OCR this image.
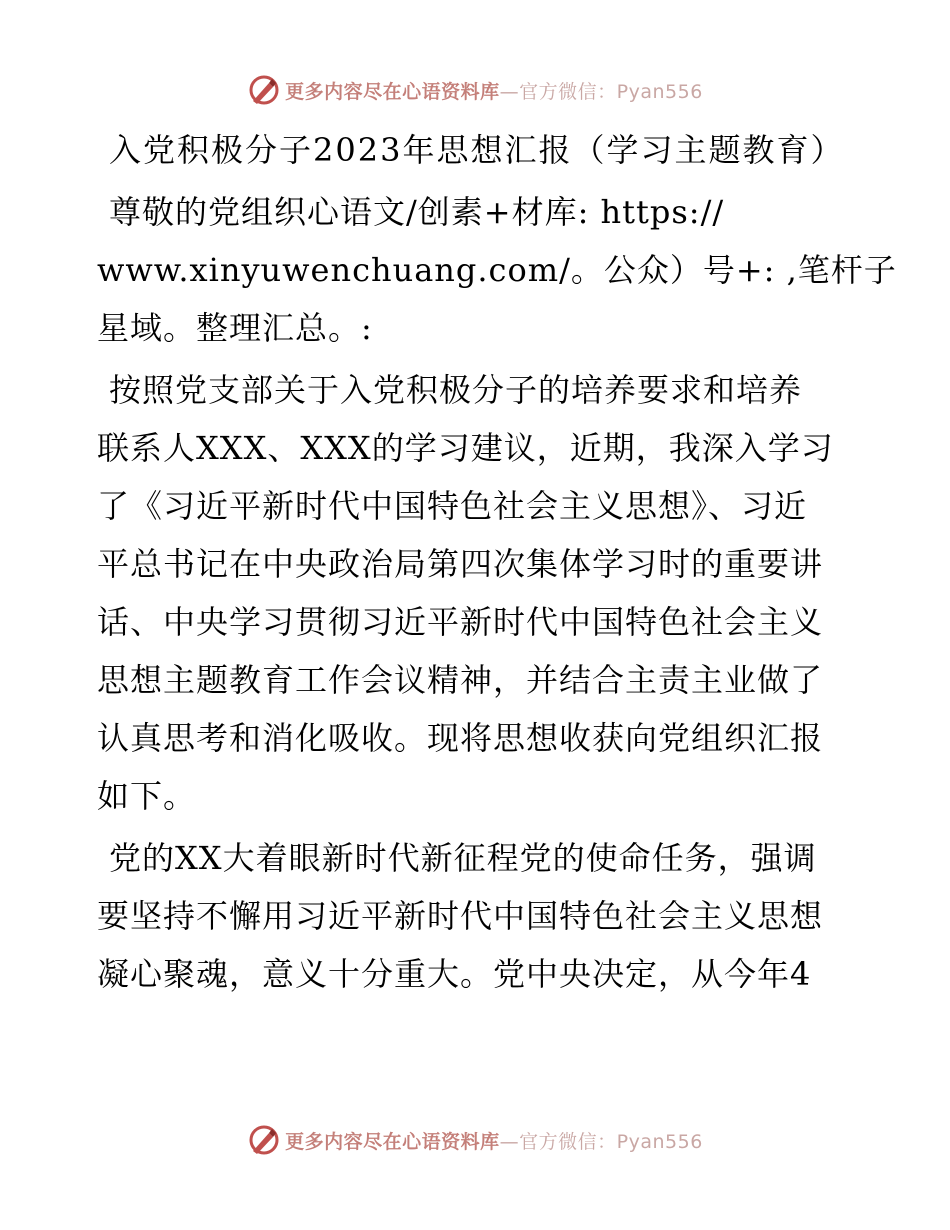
更多内容尽在心语资料库—官方微信：Pyan556
入党积极分子2023年思想汇报（学习主题教育）
尊敬的党组织心语文/创素+材库: https://
www.xinyuwenchuang.com/。公众）号+: ,笔杆子
星域。整理汇总。:
按照党支部关于入党积极分子的培养要求和培养
联系人XXX、XXX的学习建议，近期，我深入学习
了《习近平新时代中国特色社会主义思想》、习近
平总书记在中央政治局第四次集体学习时的重要讲
话、中央学习贯彻习近平新时代中国特色社会主义
思想主题教育工作会议精神，并结合主责主业做了
认真思考和消化吸收。现将思想收获向党组织汇报
如下。
党的XX大着眼新时代新征程党的使命任务，强调
要坚持不懈用习近平新时代中国特色社会主义思想
凝心聚魂，意义十分重大。党中央决定，从今年4
更多内容尽在心语资料库—官方微信：Pyan556
